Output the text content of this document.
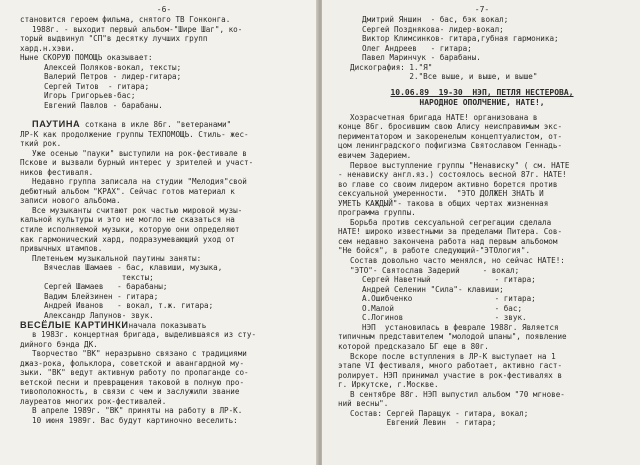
-6-
становится героем фильма, снятого ТВ Гонконга.
1988г. - выходит первый альбом-"Шире Шаг", ко-
торый выдвинул "СП"в десятку лучших групп
хард.н.хэви.
Ныне СКОРУЮ ПОМОЩЬ оказывает:
Алексей Поляков-вокал, тексты;
Валерий Петров - лидер-гитара;
Сергей Титов  - гитара;
Игорь Григорьев-бас;
Евгений Павлов - барабаны.
ПАУТИНА соткана в икле 86г. "ветеранами"
ЛР-К как продолжение группы ТЕХПОМОЩЬ. Стиль- жес-
ткий рок.
Уже осенью "пауки" выступили на рок-фестивале в
Пскове и вызвали бурный интерес у зрителей и участ-
ников фестиваля.
Недавно группа записала на студии "Мелодия"свой
дебютный альбом "КРАХ". Сейчас готов материал к
записи нового альбома.
Все музыканты считают рок частью мировой музы-
кальной культуры и это не могло не сказаться на
стиле исполняемой музыки, которую они определяют
как гармонический хард, подразумевающий уход от
привычных штампов.
Плетеньем музыкальной паутины заняты:
Вячеслав Шамаев - бас, клавиши, музыка,
тексты;
Сергей Шамаев   - барабаны;
Вадим Блейзинен - гитара;
Андрей Иванов   - вокал, т.ж. гитара;
Александр Лапунов- звук.
ВЕСЁЛЫЕ КАРТИНКИначала показывать
в 1983г. концертная бригада, выделившаяся из сту-
дийного бэнда ДК.
Творчество "ВК" неразрывно связано с традициями
джаз-рока, фольклора, советской и авангардной му-
зыки. "ВК" ведут активную работу по пропаганде со-
ветской песни и превращения таковой в полную про-
тивоположность, в связи с чем и заслужили звание
лауреатов многих рок-фестивалей.
В апреле 1989г. "ВК" приняты на работу в ЛР-К.
10 июня 1989г. Вас будут картиночно веселить:
-7-
Дмитрий Яншин  - бас, бэк вокал;
Сергей Позднякова- лидер-вокал;
Виктор Климсинков- гитара,губная гармоника;
Олег Андреев   - гитара;
Павел Маринчук - барабаны.
Дискография: 1."Я"
2."Все выше, и выше, и выше"
10.06.89  19-30  НЭП, ПЕТЛЯ НЕСТЕРОВА,
НАРОДНОЕ ОПОЛЧЕНИЕ, НАТЕ!,
Хозрасчетная бригада НАТЕ! организована в
конце 86г. бросившим свою Алису неисправимым экс-
периментатором и закоренелым концептуалистом, от-
цом ленинградского пофигизма Святославом Геннадь-
евичем Задерием.
Первое выступление группы "Ненависку" ( см. НАТЕ
- ненависку англ.яз.) состоялось весной 87г. НАТЕ!
во главе со своим лидером активно борется против
сексуальной умеренности.  "ЭТО ДОЛЖЕН ЗНАТЬ И
УМЕТЬ КАЖДЫЙ"- таковa в общих чертах жизненная
программа группы.
Борьба против сексуальной сегрегации сделала
НАТЕ! широко известными за пределами Питера. Сов-
сем недавно закончена работа над первым альбомом
"Не бойся", в работе следующий-"ЭТОлогия".
Состав довольно часто менялся, но сейчас НАТЕ!:
"ЭТО"- Святослав Задерий     - вокал;
Сергей Наветный              - гитара;
Андрей Селенин "Сила"- клавиши;
А.Ошибченко                  - гитара;
О.Малой                      - бас;
С.Логинов                    - звук.
НЭП  установилась в феврале 1988г. Является
типичным представителем "молодой шпаны", появление
которой предсказало БГ еще в 80г.
Вскоре после вступления в ЛР-К выступает на 1
этапе VI фестиваля, много работает, активно гаст-
ролирует. НЭП принимал участие в рок-фестивалях в
г. Иркутске, г.Москве.
В сентябре 88г. НЭП выпустил альбом "70 мгнове-
ний весны".
Состав: Сергей Паращук - гитара, вокал;
Евгений Левин  - гитара;
